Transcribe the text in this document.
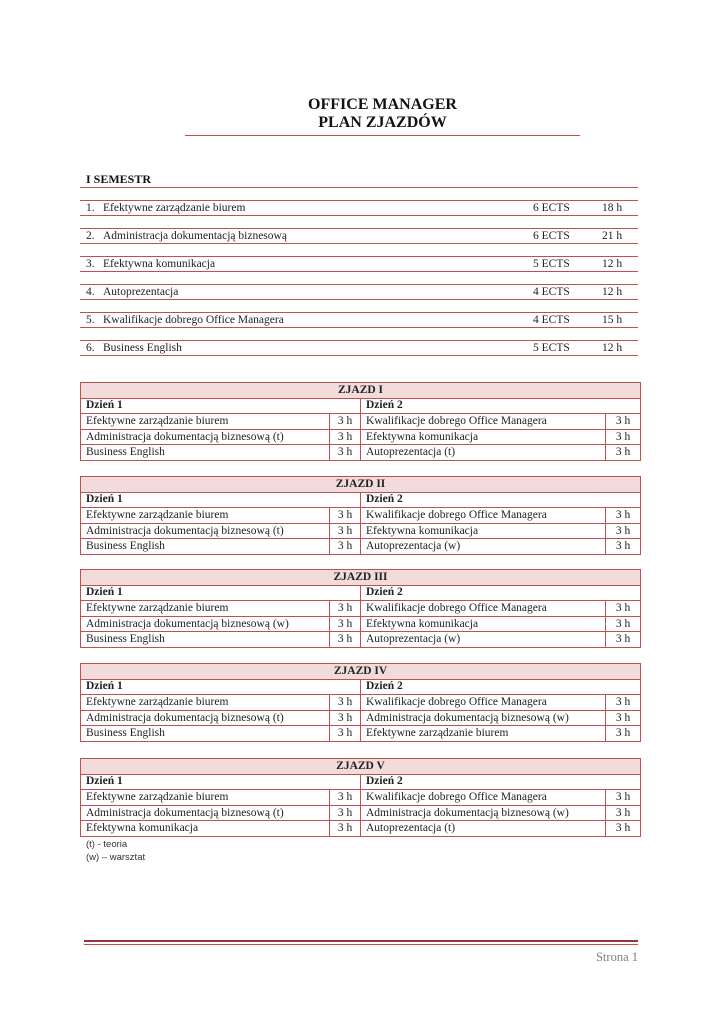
OFFICE MANAGER
PLAN ZJAZDÓW
I SEMESTR
1. Efektywne zarządzanie biurem	6 ECTS	18 h
2. Administracja dokumentacją biznesową	6 ECTS	21 h
3. Efektywna komunikacja	5 ECTS	12 h
4. Autoprezentacja	4 ECTS	12 h
5. Kwalifikacje dobrego Office Managera	4 ECTS	15 h
6. Business English	5 ECTS	12 h
ZJAZD I			
Dzień 1		Dzień 2	
Efektywne zarządzanie biurem	3 h	Kwalifikacje dobrego Office Managera	3 h
Administracja dokumentacją biznesową (t)	3 h	Efektywna komunikacja	3 h
Business English	3 h	Autoprezentacja (t)	3 h
ZJAZD II			
Dzień 1		Dzień 2	
Efektywne zarządzanie biurem	3 h	Kwalifikacje dobrego Office Managera	3 h
Administracja dokumentacją biznesową (t)	3 h	Efektywna komunikacja	3 h
Business English	3 h	Autoprezentacja (w)	3 h
ZJAZD III			
Dzień 1		Dzień 2	
Efektywne zarządzanie biurem	3 h	Kwalifikacje dobrego Office Managera	3 h
Administracja dokumentacją biznesową (w)	3 h	Efektywna komunikacja	3 h
Business English	3 h	Autoprezentacja (w)	3 h
ZJAZD IV			
Dzień 1		Dzień 2	
Efektywne zarządzanie biurem	3 h	Kwalifikacje dobrego Office Managera	3 h
Administracja dokumentacją biznesową (t)	3 h	Administracja dokumentacją biznesową (w)	3 h
Business English	3 h	Efektywne zarządzanie biurem	3 h
ZJAZD V			
Dzień 1		Dzień 2	
Efektywne zarządzanie biurem	3 h	Kwalifikacje dobrego Office Managera	3 h
Administracja dokumentacją biznesową (t)	3 h	Administracja dokumentacją biznesową (w)	3 h
Efektywna komunikacja	3 h	Autoprezentacja (t)	3 h
(t) - teoria
(w) – warsztat
Strona 1
